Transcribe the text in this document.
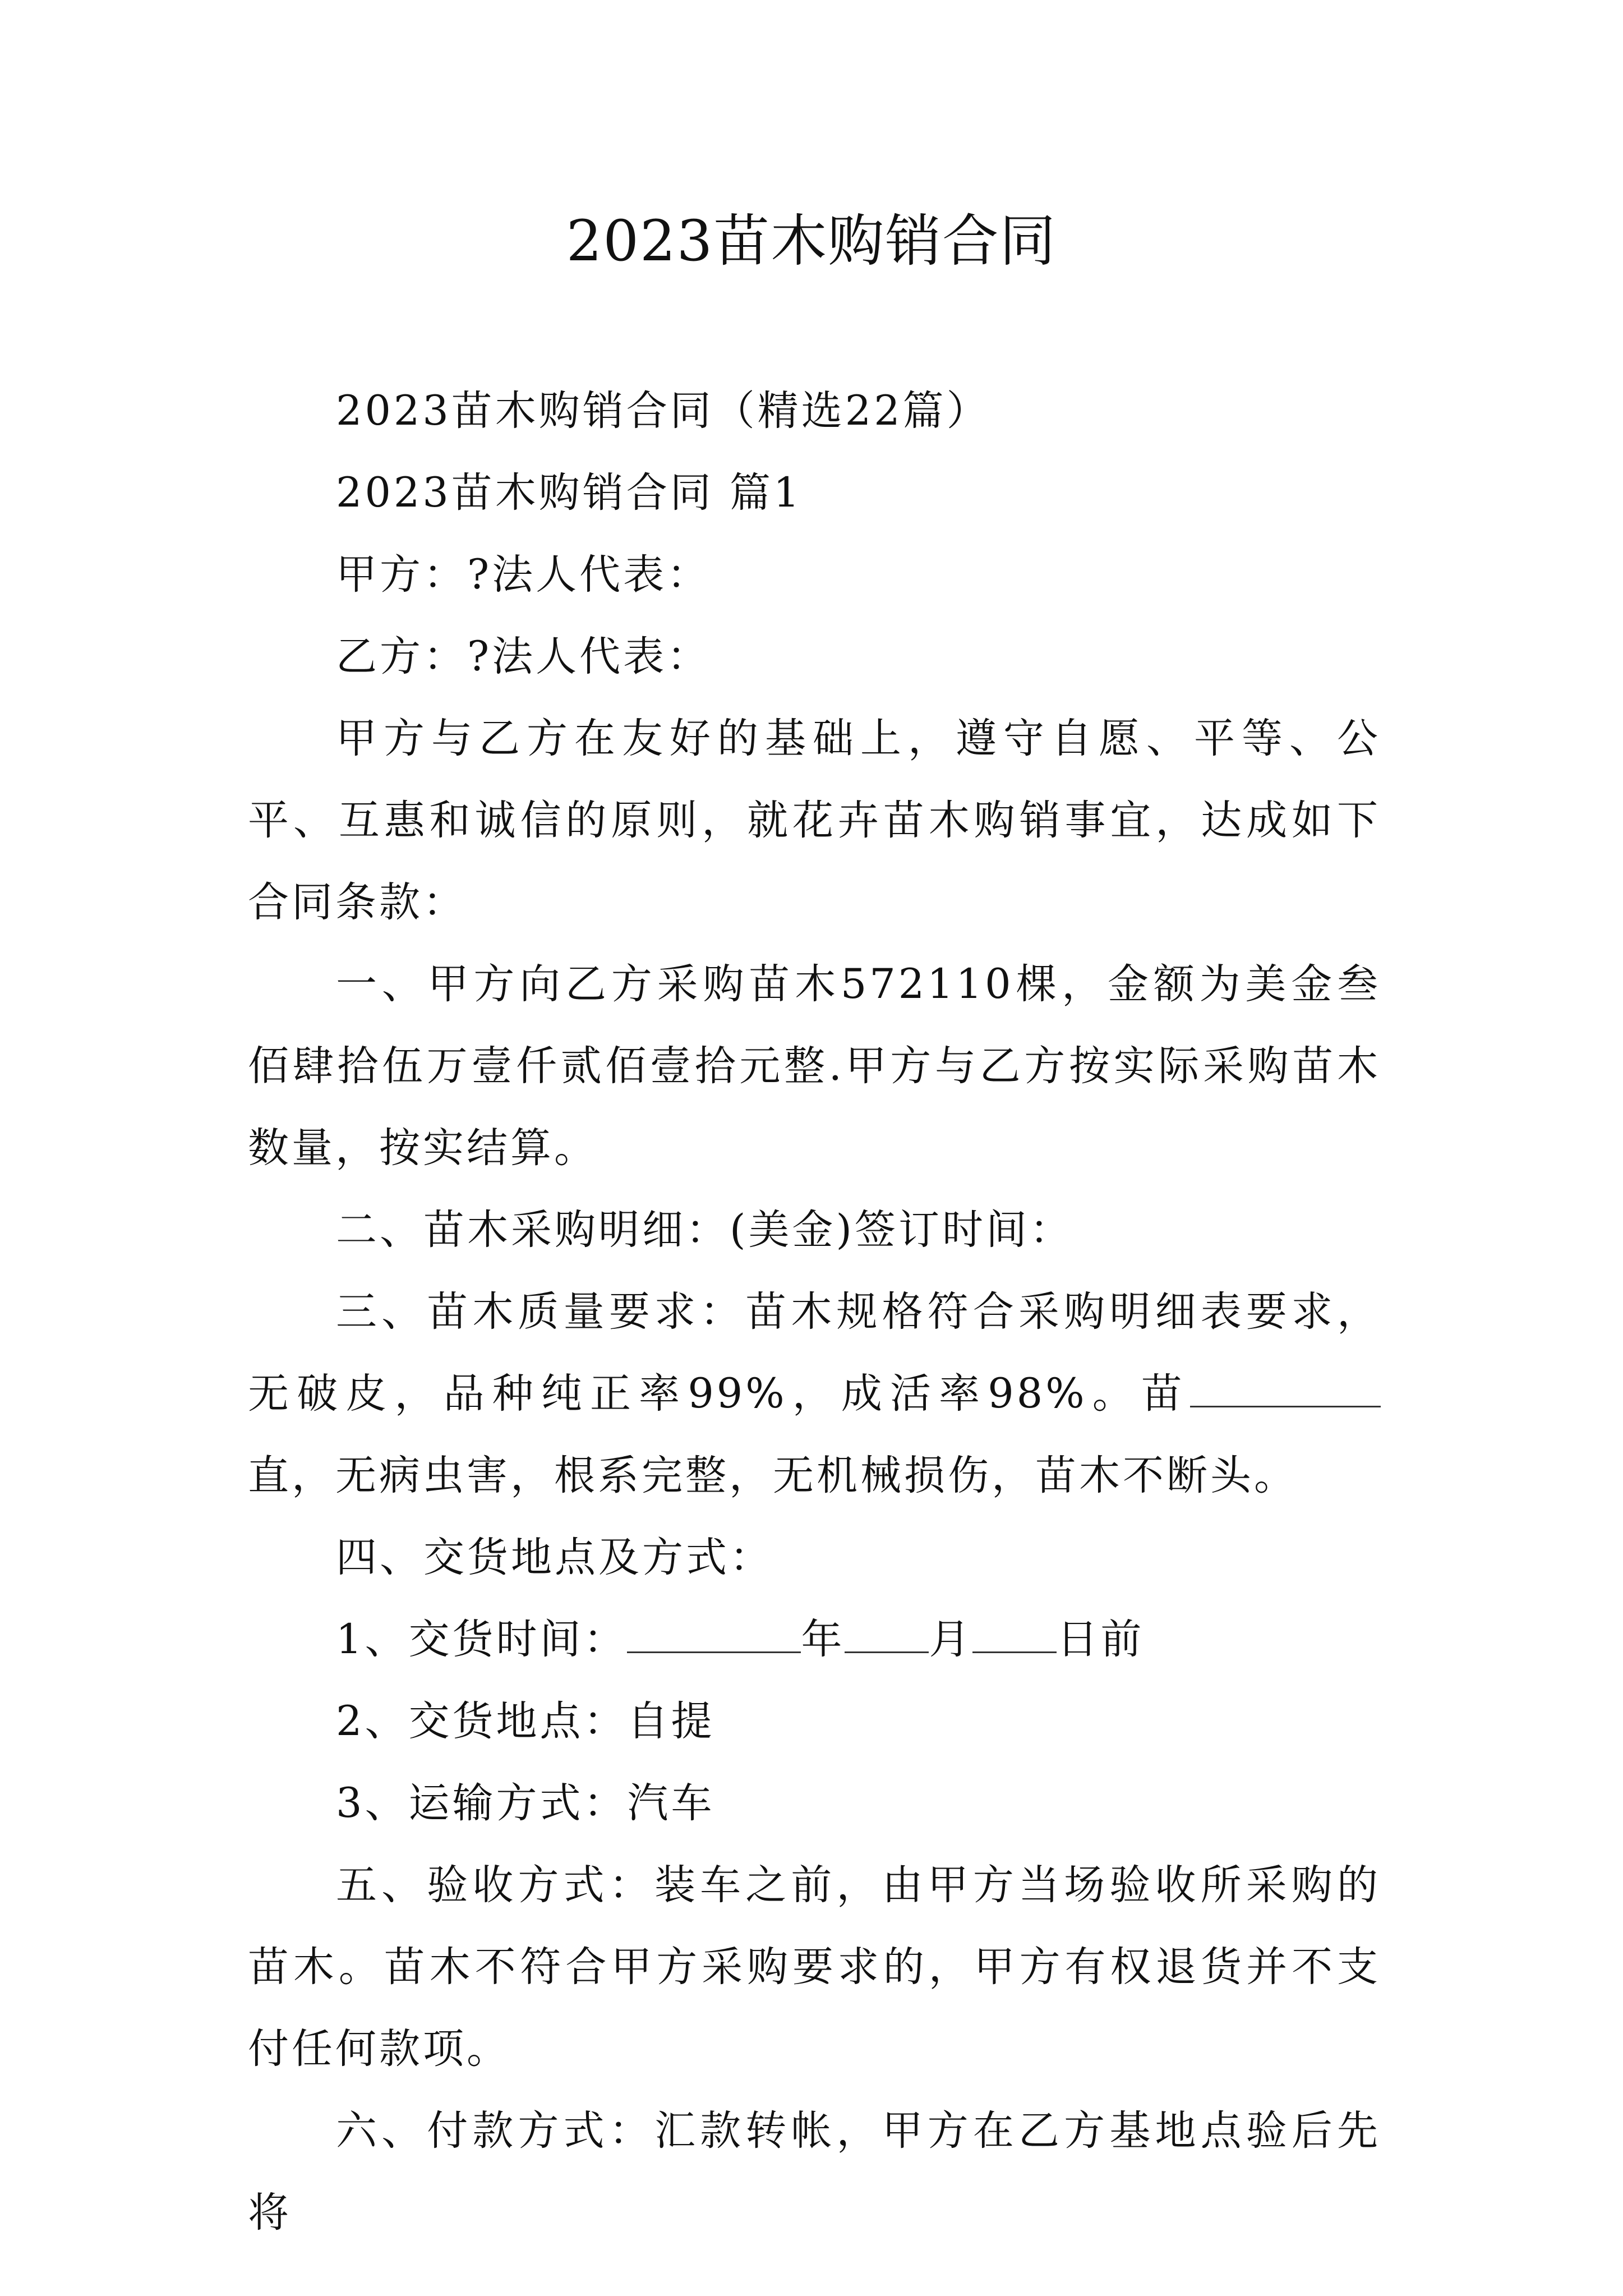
2023苗木购销合同

2023苗木购销合同（精选22篇）

2023苗木购销合同 篇1

甲方：?法人代表：

乙方：?法人代表：

甲方与乙方在友好的基础上，遵守自愿、平等、公平、互惠和诚信的原则，就花卉苗木购销事宜，达成如下合同条款：

一、甲方向乙方采购苗木572110棵，金额为美金叁佰肆拾伍万壹仟贰佰壹拾元整.甲方与乙方按实际采购苗木数量，按实结算。

二、苗木采购明细：(美金)签订时间：

三、苗木质量要求：苗木规格符合采购明细表要求，无破皮，品种纯正率99%，成活率98%。苗直，无病虫害，根系完整，无机械损伤，苗木不断头。

四、交货地点及方式：

1、交货时间：	年 月 日前

2、交货地点：自提

3、运输方式：汽车

五、验收方式：装车之前，由甲方当场验收所采购的苗木。苗木不符合甲方采购要求的，甲方有权退货并不支付任何款项。

六、付款方式：汇款转帐，甲方在乙方基地点验后先将
